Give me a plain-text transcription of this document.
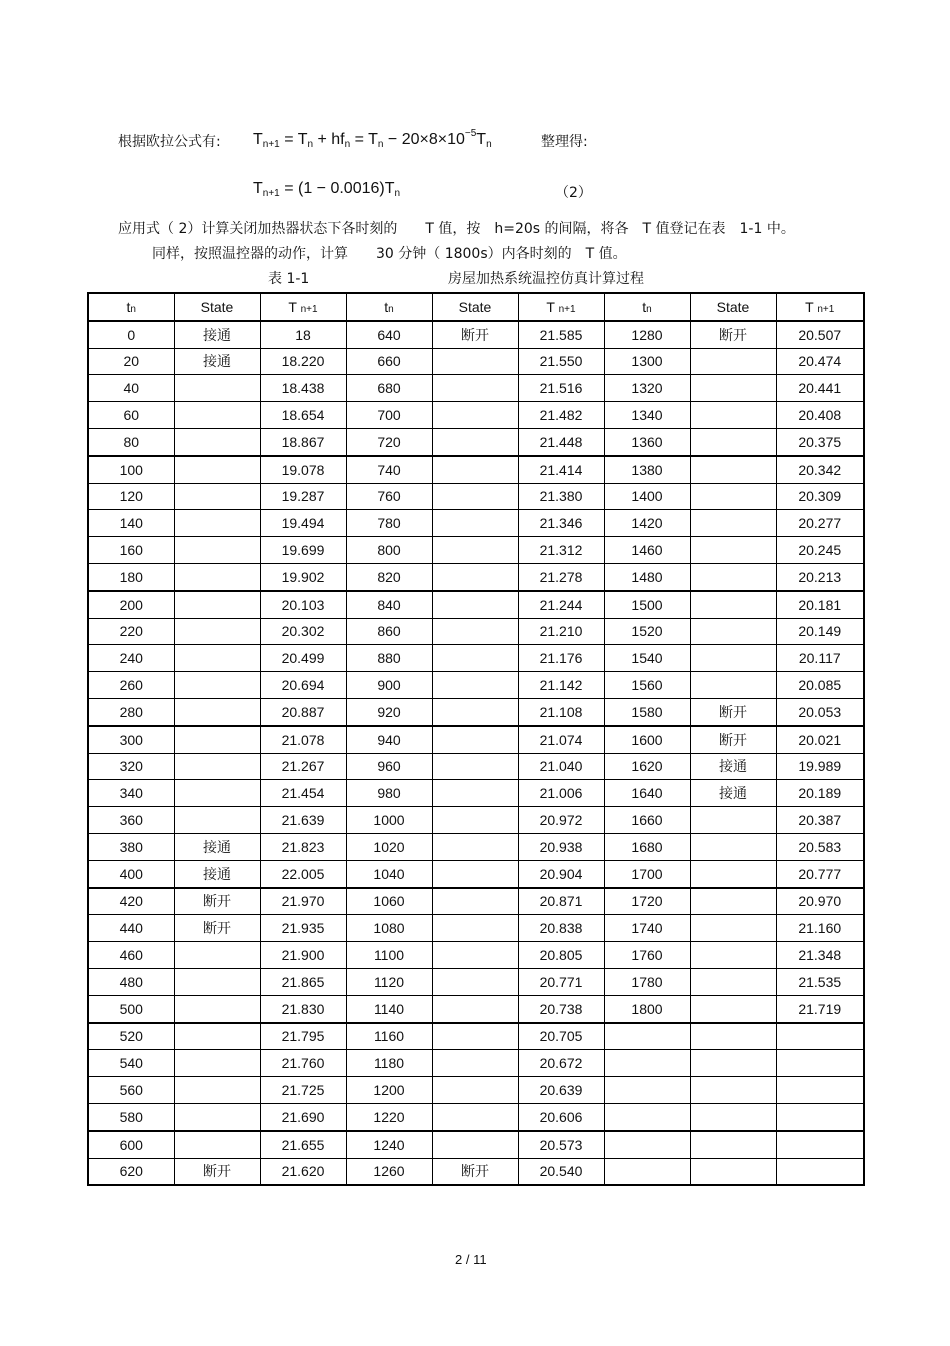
根据欧拉公式有: $T_{n+1} = T_n + hf_n = T_n - 20\times 8\times 10^{-5}T_n$	整理得:
$T_{n+1} = (1 - 0.0016)T_n$	（2）
应用式（ 2）计算关闭加热器状态下各时刻的　　T 值，按　h=20s 的间隔，将各　T 值登记在表　1-1 中。
同样，按照温控器的动作，计算　　30 分钟（ 1800s）内各时刻的　T 值。
表 1-1	房屋加热系统温控仿真计算过程
tn	State	T n+1	tn	State	T n+1	tn	State	T n+1
0	接通	18	640	断开	21.585	1280	断开	20.507
20	接通	18.220	660		21.550	1300		20.474
40		18.438	680		21.516	1320		20.441
60		18.654	700		21.482	1340		20.408
80		18.867	720		21.448	1360		20.375
100		19.078	740		21.414	1380		20.342
120		19.287	760		21.380	1400		20.309
140		19.494	780		21.346	1420		20.277
160		19.699	800		21.312	1460		20.245
180		19.902	820		21.278	1480		20.213
200		20.103	840		21.244	1500		20.181
220		20.302	860		21.210	1520		20.149
240		20.499	880		21.176	1540		20.117
260		20.694	900		21.142	1560		20.085
280		20.887	920		21.108	1580	断开	20.053
300		21.078	940		21.074	1600	断开	20.021
320		21.267	960		21.040	1620	接通	19.989
340		21.454	980		21.006	1640	接通	20.189
360		21.639	1000		20.972	1660		20.387
380	接通	21.823	1020		20.938	1680		20.583
400	接通	22.005	1040		20.904	1700		20.777
420	断开	21.970	1060		20.871	1720		20.970
440	断开	21.935	1080		20.838	1740		21.160
460		21.900	1100		20.805	1760		21.348
480		21.865	1120		20.771	1780		21.535
500		21.830	1140		20.738	1800		21.719
520		21.795	1160		20.705			
540		21.760	1180		20.672			
560		21.725	1200		20.639			
580		21.690	1220		20.606			
600		21.655	1240		20.573			
620	断开	21.620	1260	断开	20.540			
2 / 11
